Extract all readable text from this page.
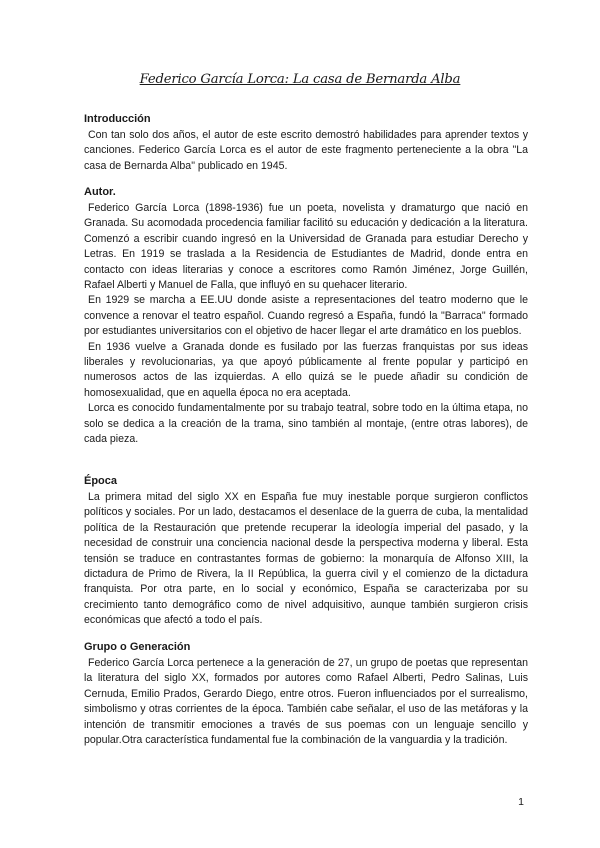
Federico García Lorca: La casa de Bernarda Alba

Introducción

Con tan solo dos años, el autor de este escrito demostró habilidades para aprender textos y canciones. Federico García Lorca es el autor de este fragmento perteneciente a la obra "La casa de Bernarda Alba" publicado en 1945.

Autor.

Federico García Lorca (1898-1936) fue un poeta, novelista y dramaturgo que nació en Granada. Su acomodada procedencia familiar facilitó su educación y dedicación a la literatura. Comenzó a escribir cuando ingresó en la Universidad de Granada para estudiar Derecho y Letras. En 1919 se traslada a la Residencia de Estudiantes de Madrid, donde entra en contacto con ideas literarias y conoce a escritores como Ramón Jiménez, Jorge Guillén, Rafael Alberti y Manuel de Falla, que influyó en su quehacer literario.

En 1929 se marcha a EE.UU donde asiste a representaciones del teatro moderno que le convence a renovar el teatro español. Cuando regresó a España, fundó la "Barraca" formado por estudiantes universitarios con el objetivo de hacer llegar el arte dramático en los pueblos.

En 1936 vuelve a Granada donde es fusilado por las fuerzas franquistas por sus ideas liberales y revolucionarias, ya que apoyó públicamente al frente popular y participó en numerosos actos de las izquierdas. A ello quizá se le puede añadir su condición de homosexualidad, que en aquella época no era aceptada.

Lorca es conocido fundamentalmente por su trabajo teatral, sobre todo en la última etapa, no solo se dedica a la creación de la trama, sino también al montaje, (entre otras labores), de cada pieza.

Época

La primera mitad del siglo XX en España fue muy inestable porque surgieron conflictos políticos y sociales. Por un lado, destacamos el desenlace de la guerra de cuba, la mentalidad política de la Restauración que pretende recuperar la ideología imperial del pasado, y la necesidad de construir una conciencia nacional desde la perspectiva moderna y liberal. Esta tensión se traduce en contrastantes formas de gobierno: la monarquía de Alfonso XIII, la dictadura de Primo de Rivera, la II República, la guerra civil y el comienzo de la dictadura franquista. Por otra parte, en lo social y económico, España se caracterizaba por su crecimiento tanto demográfico como de nivel adquisitivo, aunque también surgieron crisis económicas que afectó a todo el país.

Grupo o Generación

Federico García Lorca pertenece a la generación de 27, un grupo de poetas que representan la literatura del siglo XX, formados por autores como Rafael Alberti, Pedro Salinas, Luis Cernuda, Emilio Prados, Gerardo Diego, entre otros. Fueron influenciados por el surrealismo, simbolismo y otras corrientes de la época. También cabe señalar, el uso de las metáforas y la intención de transmitir emociones a través de sus poemas con un lenguaje sencillo y popular.Otra característica fundamental fue la combinación de la vanguardia y la tradición.

1
